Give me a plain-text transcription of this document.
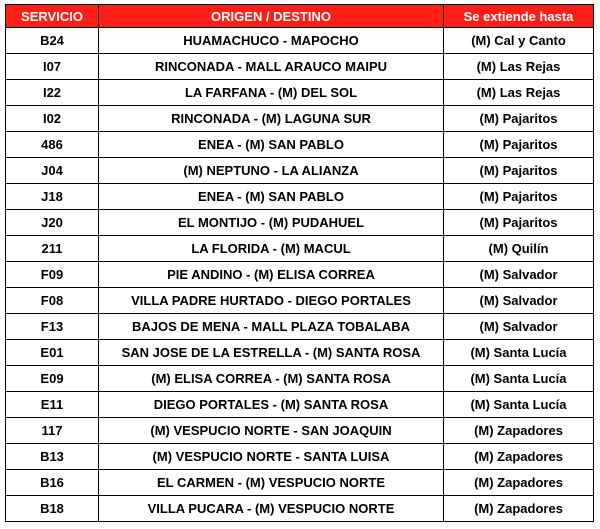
SERVICIO	ORIGEN / DESTINO	Se extiende hasta
B24	HUAMACHUCO - MAPOCHO	(M) Cal y Canto
I07	RINCONADA - MALL ARAUCO MAIPU	(M) Las Rejas
I22	LA FARFANA - (M) DEL SOL	(M) Las Rejas
I02	RINCONADA - (M) LAGUNA SUR	(M) Pajaritos
486	ENEA - (M) SAN PABLO	(M) Pajaritos
J04	(M) NEPTUNO - LA ALIANZA	(M) Pajaritos
J18	ENEA - (M) SAN PABLO	(M) Pajaritos
J20	EL MONTIJO - (M) PUDAHUEL	(M) Pajaritos
211	LA FLORIDA - (M) MACUL	(M) Quilín
F09	PIE ANDINO - (M) ELISA CORREA	(M) Salvador
F08	VILLA PADRE HURTADO - DIEGO PORTALES	(M) Salvador
F13	BAJOS DE MENA - MALL PLAZA TOBALABA	(M) Salvador
E01	SAN JOSE DE LA ESTRELLA - (M) SANTA ROSA	(M) Santa Lucía
E09	(M) ELISA CORREA - (M) SANTA ROSA	(M) Santa Lucía
E11	DIEGO PORTALES - (M) SANTA ROSA	(M) Santa Lucía
117	(M) VESPUCIO NORTE - SAN JOAQUIN	(M) Zapadores
B13	(M) VESPUCIO NORTE - SANTA LUISA	(M) Zapadores
B16	EL CARMEN - (M) VESPUCIO NORTE	(M) Zapadores
B18	VILLA PUCARA - (M) VESPUCIO NORTE	(M) Zapadores
